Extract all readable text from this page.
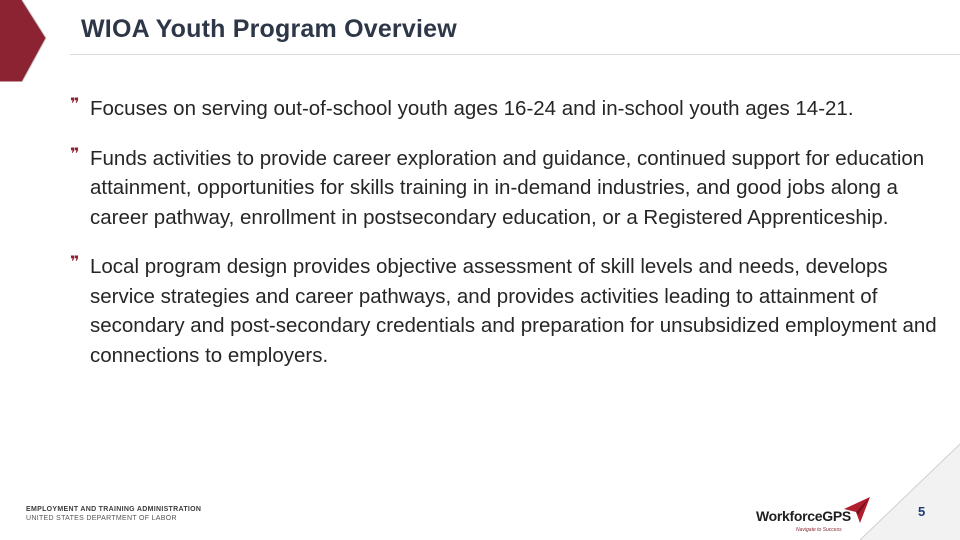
WIOA Youth Program Overview
❞ Focuses on serving out-of-school youth ages 16-24 and in-school youth ages 14-21.
❞ Funds activities to provide career exploration and guidance, continued support for education attainment, opportunities for skills training in in-demand industries, and good jobs along a career pathway, enrollment in postsecondary education, or a Registered Apprenticeship.
❞ Local program design provides objective assessment of skill levels and needs, develops service strategies and career pathways, and provides activities leading to attainment of secondary and post-secondary credentials and preparation for unsubsidized employment and connections to employers.
EMPLOYMENT AND TRAINING ADMINISTRATION
UNITED STATES DEPARTMENT OF LABOR	WorkforceGPS
Navigate to Success
5
